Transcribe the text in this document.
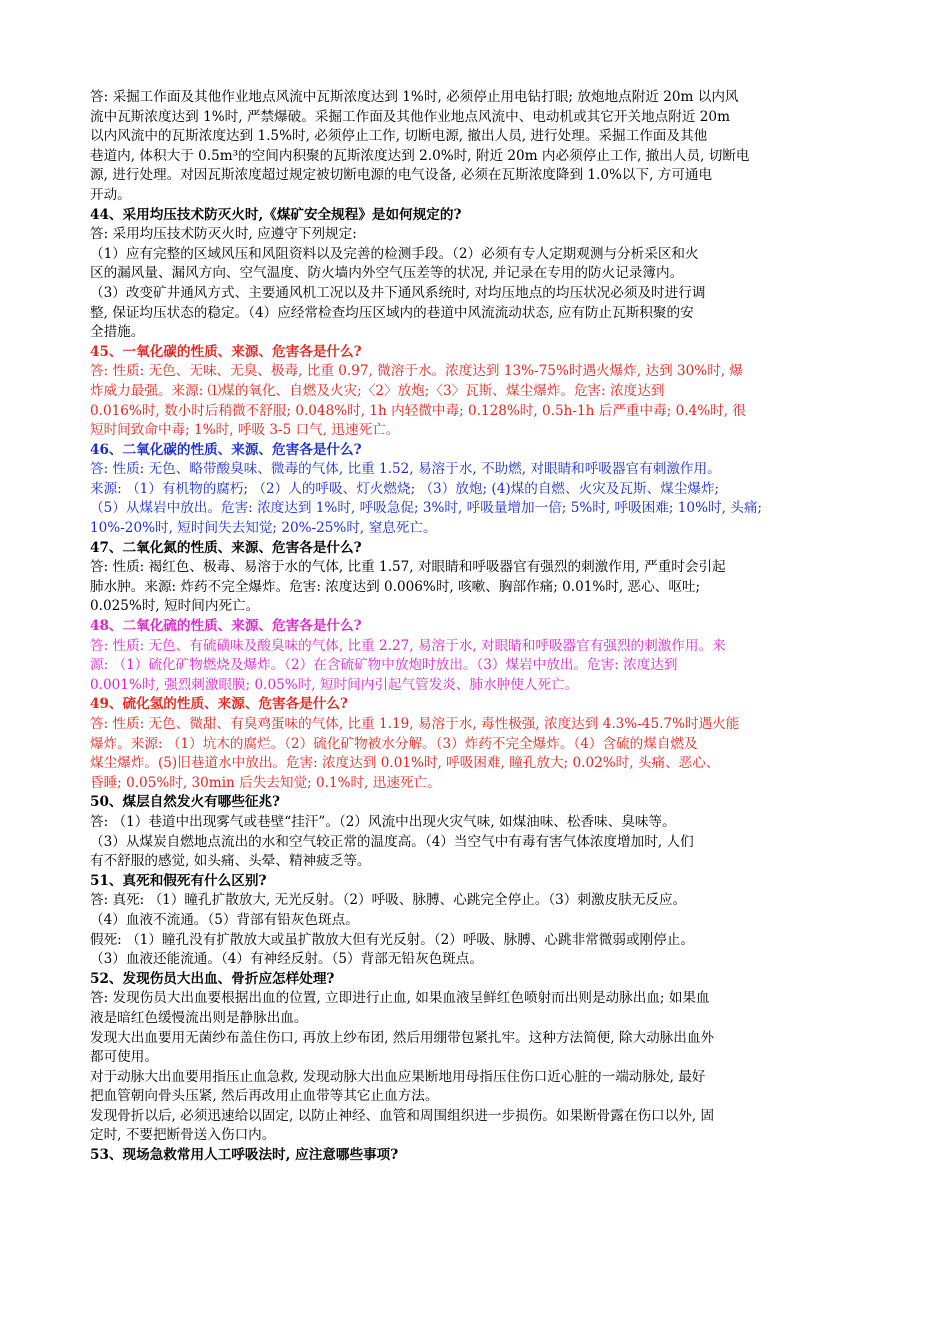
答: 采掘工作面及其他作业地点风流中瓦斯浓度达到 1%时, 必须停止用电钻打眼; 放炮地点附近 20m 以内风
流中瓦斯浓度达到 1%时, 严禁爆破。采掘工作面及其他作业地点风流中、电动机或其它开关地点附近 20m
以内风流中的瓦斯浓度达到 1.5%时, 必须停止工作, 切断电源, 撤出人员, 进行处理。采掘工作面及其他
巷道内, 体积大于 0.5m³的空间内积聚的瓦斯浓度达到 2.0%时, 附近 20m 内必须停止工作, 撤出人员, 切断电
源, 进行处理。对因瓦斯浓度超过规定被切断电源的电气设备, 必须在瓦斯浓度降到 1.0%以下, 方可通电
开动。
44、采用均压技术防灭火时,《煤矿安全规程》是如何规定的?
答: 采用均压技术防灭火时, 应遵守下列规定:
（1）应有完整的区域风压和风阻资料以及完善的检测手段。（2）必须有专人定期观测与分析采区和火
区的漏风量、漏风方向、空气温度、防火墙内外空气压差等的状况, 并记录在专用的防火记录簿内。
（3）改变矿井通风方式、主要通风机工况以及井下通风系统时, 对均压地点的均压状况必须及时进行调
整, 保证均压状态的稳定。（4）应经常检查均压区域内的巷道中风流流动状态, 应有防止瓦斯积聚的安
全措施。
45、一氧化碳的性质、来源、危害各是什么?
答: 性质: 无色、无味、无臭、极毒, 比重 0.97, 微溶于水。浓度达到 13%-75%时遇火爆炸, 达到 30%时, 爆
炸威力最强。来源: ⑴煤的氧化、自燃及火灾;〈2〉放炮;〈3〉瓦斯、煤尘爆炸。危害: 浓度达到
0.016%时, 数小时后稍微不舒服; 0.048%时, 1h 内轻微中毒; 0.128%时, 0.5h-1h 后严重中毒; 0.4%时, 很
短时间致命中毒; 1%时, 呼吸 3-5 口气, 迅速死亡。
46、二氧化碳的性质、来源、危害各是什么?
答: 性质: 无色、略带酸臭味、微毒的气体, 比重 1.52, 易溶于水, 不助燃, 对眼睛和呼吸器官有刺激作用。
来源: （1）有机物的腐朽; （2）人的呼吸、灯火燃烧; （3）放炮; (4)煤的自燃、火灾及瓦斯、煤尘爆炸;
（5）从煤岩中放出。危害: 浓度达到 1%时, 呼吸急促; 3%时, 呼吸量增加一倍; 5%时, 呼吸困难; 10%时, 头痛;
10%-20%时, 短时间失去知觉; 20%-25%时, 窒息死亡。
47、二氧化氮的性质、来源、危害各是什么?
答: 性质: 褐红色、极毒、易溶于水的气体, 比重 1.57, 对眼睛和呼吸器官有强烈的刺激作用, 严重时会引起
肺水肿。来源: 炸药不完全爆炸。危害: 浓度达到 0.006%时, 咳嗽、胸部作痛; 0.01%时, 恶心、呕吐;
0.025%时, 短时间内死亡。
48、二氧化硫的性质、来源、危害各是什么?
答: 性质: 无色、有硫磺味及酸臭味的气体, 比重 2.27, 易溶于水, 对眼睛和呼吸器官有强烈的刺激作用。来
源: （1）硫化矿物燃烧及爆炸。（2）在含硫矿物中放炮时放出。（3）煤岩中放出。危害: 浓度达到
0.001%时, 强烈刺激眼膜; 0.05%时, 短时间内引起气管发炎、肺水肿使人死亡。
49、硫化氢的性质、来源、危害各是什么?
答: 性质: 无色、微甜、有臭鸡蛋味的气体, 比重 1.19, 易溶于水, 毒性极强, 浓度达到 4.3%-45.7%时遇火能
爆炸。来源: （1）坑木的腐烂。（2）硫化矿物被水分解。（3）炸药不完全爆炸。（4）含硫的煤自燃及
煤尘爆炸。(5)旧巷道水中放出。危害: 浓度达到 0.01%时, 呼吸困难, 瞳孔放大; 0.02%时, 头痛、恶心、
昏睡; 0.05%时, 30min 后失去知觉; 0.1%时, 迅速死亡。
50、煤层自然发火有哪些征兆?
答: （1）巷道中出现雾气或巷壁“挂汗”。（2）风流中出现火灾气味, 如煤油味、松香味、臭味等。
（3）从煤炭自燃地点流出的水和空气较正常的温度高。（4）当空气中有毒有害气体浓度增加时, 人们
有不舒服的感觉, 如头痛、头晕、精神疲乏等。
51、真死和假死有什么区别?
答: 真死: （1）瞳孔扩散放大, 无光反射。（2）呼吸、脉膊、心跳完全停止。（3）刺激皮肤无反应。
（4）血液不流通。（5）背部有铅灰色斑点。
假死: （1）瞳孔没有扩散放大或虽扩散放大但有光反射。（2）呼吸、脉膊、心跳非常微弱或刚停止。
（3）血液还能流通。（4）有神经反射。（5）背部无铅灰色斑点。
52、发现伤员大出血、骨折应怎样处理?
答: 发现伤员大出血要根据出血的位置, 立即进行止血, 如果血液呈鲜红色喷射而出则是动脉出血; 如果血
液是暗红色缓慢流出则是静脉出血。
发现大出血要用无菌纱布盖住伤口, 再放上纱布团, 然后用绷带包紧扎牢。这种方法简便, 除大动脉出血外
都可使用。
对于动脉大出血要用指压止血急救, 发现动脉大出血应果断地用母指压住伤口近心脏的一端动脉处, 最好
把血管朝向骨头压紧, 然后再改用止血带等其它止血方法。
发现骨折以后, 必须迅速给以固定, 以防止神经、血管和周围组织进一步损伤。如果断骨露在伤口以外, 固
定时, 不要把断骨送入伤口内。
53、现场急救常用人工呼吸法时, 应注意哪些事项?
